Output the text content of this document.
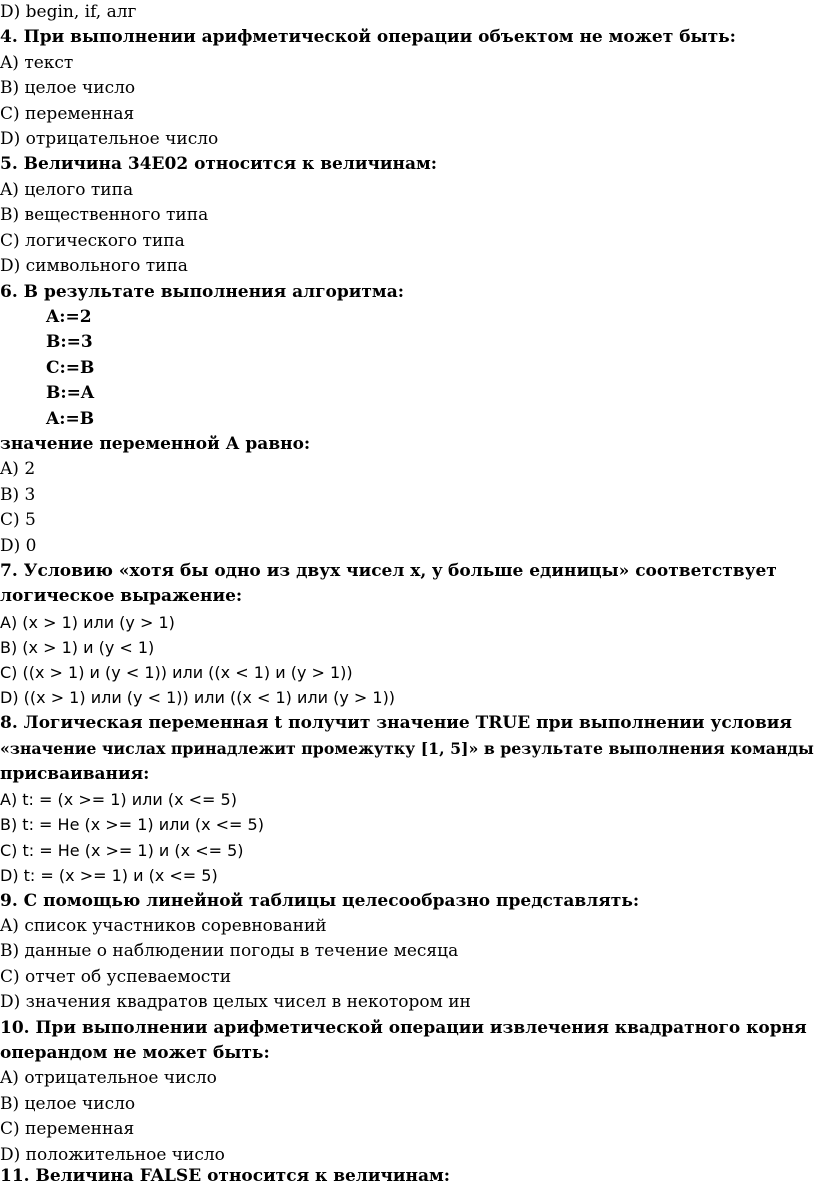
D) begin, if, алг
4. При выполнении арифметической операции объектом не может быть:
A) текст
B) целое число
C) переменная
D) отрицательное число
5. Величина 34Е02 относится к величинам:
A) целого типа
B) вещественного типа
C) логического типа
D) символьного типа
6. В результате выполнения алгоритма:
A:=2
B:=3
C:=B
B:=A
A:=B
значение переменной А равно:
A) 2
B) 3
C) 5
D) 0
7. Условию «хотя бы одно из двух чисел x, y больше единицы» соответствует
логическое выражение:
A) (x > 1) или (y > 1)
B) (x > 1) и (y < 1)
C) ((x > 1) и (y < 1)) или ((x < 1) и (y > 1))
D) ((x > 1) или (y < 1)) или ((x < 1) или (y > 1))
8. Логическая переменная t получит значение TRUE при выполнении условия
«значение числах принадлежит промежутку [1, 5]» в результате выполнения команды
присваивания:
A) t: = (x >= 1) или (x <= 5)
B) t: = Не (x >= 1) или (x <= 5)
C) t: = Не (x >= 1) и (x <= 5)
D) t: = (x >= 1) и (x <= 5)
9. С помощью линейной таблицы целесообразно представлять:
A) список участников соревнований
B) данные о наблюдении погоды в течение месяца
C) отчет об успеваемости
D) значения квадратов целых чисел в некотором ин
10. При выполнении арифметической операции извлечения квадратного корня
операндом не может быть:
A) отрицательное число
B) целое число
C) переменная
D) положительное число
11. Величина FALSE относится к величинам:
